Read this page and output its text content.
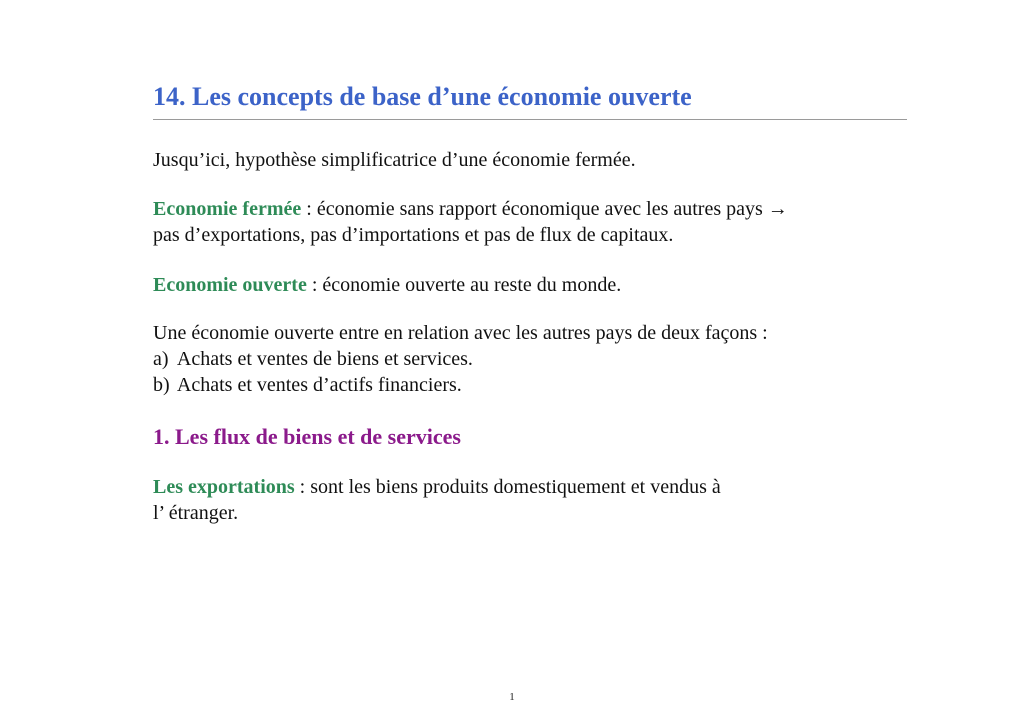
14. Les concepts de base d’une économie ouverte
Jusqu’ici, hypothèse simplificatrice d’une économie fermée.
Economie fermée : économie sans rapport économique avec les autres pays →
pas d’exportations, pas d’importations et pas de flux de capitaux.
Economie ouverte : économie ouverte au reste du monde.
Une économie ouverte entre en relation avec les autres pays de deux façons :
a) Achats et ventes de biens et services.
b) Achats et ventes d’actifs financiers.
1. Les flux de biens et de services
Les exportations : sont les biens produits domestiquement et vendus à
l’ étranger.
1
